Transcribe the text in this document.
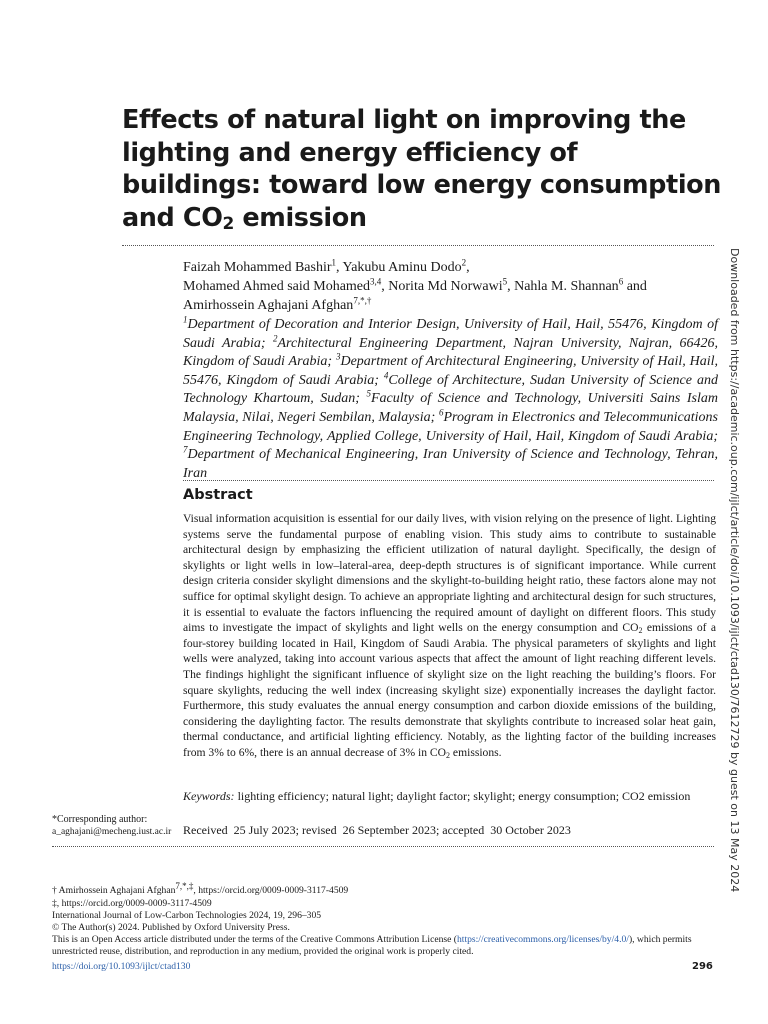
Effects of natural light on improving the lighting and energy efficiency of buildings: toward low energy consumption and $CO_2$ emission

Faizah Mohammed Bashir$^1$, Yakubu Aminu Dodo$^2$,
Mohamed Ahmed said Mohamed$^{3,4}$, Norita Md Norwawi$^5$, Nahla M. Shannan$^6$ and
Amirhossein Aghajani Afghan$^{7,*,\dagger}$

$^1$Department of Decoration and Interior Design, University of Hail, Hail, 55476, Kingdom of Saudi Arabia; $^2$Architectural Engineering Department, Najran University, Najran, 66426, Kingdom of Saudi Arabia; $^3$Department of Architectural Engineering, University of Hail, Hail, 55476, Kingdom of Saudi Arabia; $^4$College of Architecture, Sudan University of Science and Technology Khartoum, Sudan; $^5$Faculty of Science and Technology, Universiti Sains Islam Malaysia, Nilai, Negeri Sembilan, Malaysia; $^6$Program in Electronics and Telecommunications Engineering Technology, Applied College, University of Hail, Hail, Kingdom of Saudi Arabia; $^7$Department of Mechanical Engineering, Iran University of Science and Technology, Tehran, Iran

Abstract

Visual information acquisition is essential for our daily lives, with vision relying on the presence of light. Lighting systems serve the fundamental purpose of enabling vision. This study aims to contribute to sustainable architectural design by emphasizing the efficient utilization of natural daylight. Specifically, the design of skylights or light wells in low–lateral-area, deep-depth structures is of significant importance. While current design criteria consider skylight dimensions and the skylight-to-building height ratio, these factors alone may not suffice for optimal skylight design. To achieve an appropriate lighting and architectural design for such structures, it is essential to evaluate the factors influencing the required amount of daylight on different floors. This study aims to investigate the impact of skylights and light wells on the energy consumption and $CO_2$ emissions of a four-storey building located in Hail, Kingdom of Saudi Arabia. The physical parameters of skylights and light wells were analyzed, taking into account various aspects that affect the amount of light reaching different levels. The findings highlight the significant influence of skylight size on the light reaching the building’s floors. For square skylights, reducing the well index (increasing skylight size) exponentially increases the daylight factor. Furthermore, this study evaluates the annual energy consumption and carbon dioxide emissions of the building, considering the daylighting factor. The results demonstrate that skylights contribute to increased solar heat gain, thermal conductance, and artificial lighting efficiency. Notably, as the lighting factor of the building increases from 3% to 6%, there is an annual decrease of 3% in $CO_2$ emissions.

Keywords: lighting efficiency; natural light; daylight factor; skylight; energy consumption; CO2 emission

*Corresponding author:

a_aghajani@mecheng.iust.ac.ir Received  25 July 2023; revised  26 September 2023; accepted  30 October 2023

† Amirhossein Aghajani Afghan$^{7,*,\ddagger}$, https://orcid.org/0009-0009-3117-4509

‡, https://orcid.org/0009-0009-3117-4509

International Journal of Low-Carbon Technologies 2024, 19, 296–305

© The Author(s) 2024. Published by Oxford University Press.

This is an Open Access article distributed under the terms of the Creative Commons Attribution License (https://creativecommons.org/licenses/by/4.0/), which permits unrestricted reuse, distribution, and reproduction in any medium, provided the original work is properly cited.

https://doi.org/10.1093/ijlct/ctad130	296

Downloaded from https://academic.oup.com/ijlct/article/doi/10.1093/ijlct/ctad130/7612729 by guest on 13 May 2024
